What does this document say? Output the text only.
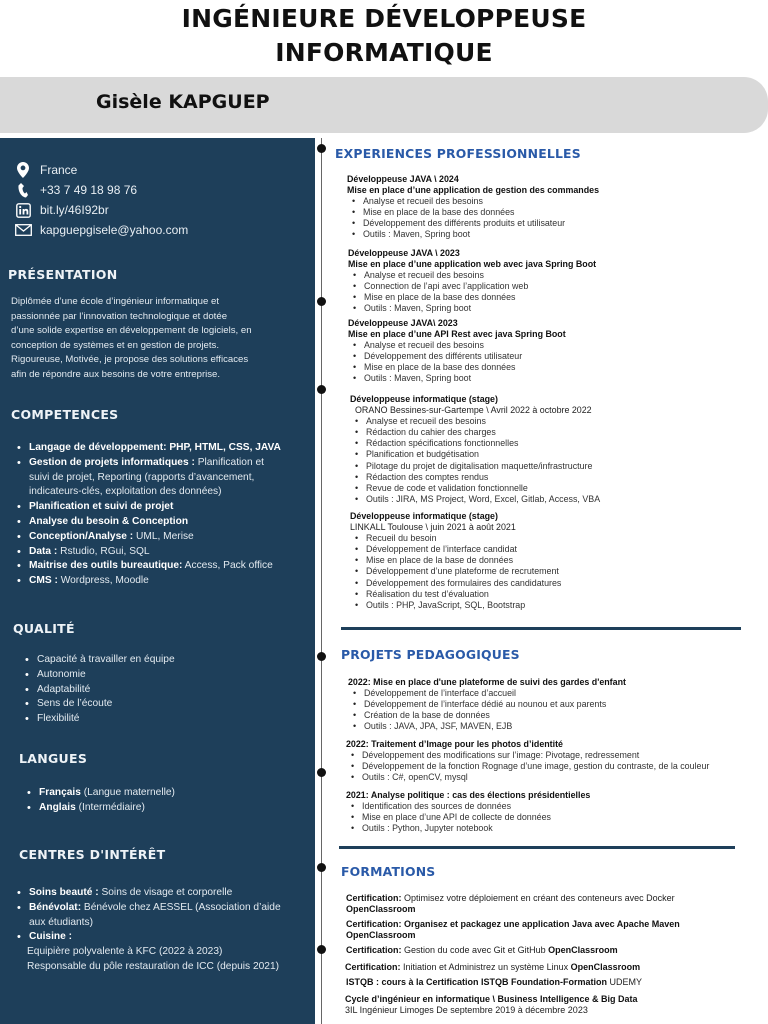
INGÉNIEURE DÉVELOPPEUSE
INFORMATIQUE
Gisèle KAPGUEP
France
+33 7 49 18 98 76
bit.ly/46I92br
kapguepgisele@yahoo.com
PRÉSENTATION
Diplômée d’une école d’ingénieur informatique et
passionnée par l’innovation technologique et dotée
d’une solide expertise en développement de logiciels, en
conception de systèmes et en gestion de projets.
Rigoureuse, Motivée, je propose des solutions efficaces
afin de répondre aux besoins de votre entreprise.
COMPETENCES
• Langage de développement: PHP, HTML, CSS, JAVA
• Gestion de projets informatiques : Planification et
suivi de projet, Reporting (rapports d’avancement,
indicateurs-clés, exploitation des données)
• Planification et suivi de projet
• Analyse du besoin & Conception
• Conception/Analyse : UML, Merise
• Data : Rstudio, RGui, SQL
• Maitrise des outils bureautique: Access, Pack office
• CMS : Wordpress, Moodle
QUALITÉ
• Capacité à travailler en équipe
• Autonomie
• Adaptabilité
• Sens de l’écoute
• Flexibilité
LANGUES
• Français (Langue maternelle)
• Anglais (Intermédiaire)
CENTRES D'INTÉRÊT
• Soins beauté : Soins de visage et corporelle
• Bénévolat: Bénévole chez AESSEL (Association d’aide
aux étudiants)
• Cuisine :
Equipière polyvalente à KFC (2022 à 2023)
Responsable du pôle restauration de ICC (depuis 2021)
EXPERIENCES PROFESSIONNELLES
Développeuse JAVA \ 2024
Mise en place d’une application de gestion des commandes
• Analyse et recueil des besoins
• Mise en place de la base des données
• Développement des différents produits et utilisateur
• Outils : Maven, Spring boot
Développeuse JAVA \ 2023
Mise en place d’une application web avec java Spring Boot
• Analyse et recueil des besoins
• Connection de l’api avec l’application web
• Mise en place de la base des données
• Outils : Maven, Spring boot
Développeuse JAVA\ 2023
Mise en place d’une API Rest avec java Spring Boot
• Analyse et recueil des besoins
• Développement des différents utilisateur
• Mise en place de la base des données
• Outils : Maven, Spring boot
Développeuse informatique (stage)
ORANO Bessines-sur-Gartempe \ Avril 2022 à octobre 2022
• Analyse et recueil des besoins
• Rédaction du cahier des charges
• Rédaction spécifications fonctionnelles
• Planification et budgétisation
• Pilotage du projet de digitalisation maquette/infrastructure
• Rédaction des comptes rendus
• Revue de code et validation fonctionnelle
• Outils : JIRA, MS Project, Word, Excel, Gitlab, Access, VBA
Développeuse informatique (stage)
LINKALL Toulouse \ juin 2021 à août 2021
• Recueil du besoin
• Développement de l’interface candidat
• Mise en place de la base de données
• Développement d’une plateforme de recrutement
• Développement des formulaires des candidatures
• Réalisation du test d’évaluation
• Outils : PHP, JavaScript, SQL, Bootstrap
PROJETS PEDAGOGIQUES
2022: Mise en place d'une plateforme de suivi des gardes d'enfant
• Développement de l’interface d’accueil
• Développement de l’interface dédié au nounou et aux parents
• Création de la base de données
• Outils : JAVA, JPA, JSF, MAVEN, EJB
2022: Traitement d’Image pour les photos d’identité
• Développement des modifications sur l’image: Pivotage, redressement
• Développement de la fonction Rognage d’une image, gestion du contraste, de la couleur
• Outils : C#, openCV, mysql
2021: Analyse politique : cas des élections présidentielles
• Identification des sources de données
• Mise en place d’une API de collecte de données
• Outils : Python, Jupyter notebook
FORMATIONS
Certification: Optimisez votre déploiement en créant des conteneurs avec Docker
OpenClassroom
Certification: Organisez et packagez une application Java avec Apache Maven
OpenClassroom
Certification: Gestion du code avec Git et GitHub OpenClassroom
Certification: Initiation et Administrez un système Linux OpenClassroom
ISTQB : cours à la Certification ISTQB Foundation-Formation UDEMY
Cycle d’ingénieur en informatique \ Business Intelligence & Big Data
3IL Ingénieur Limoges De septembre 2019 à décembre 2023
